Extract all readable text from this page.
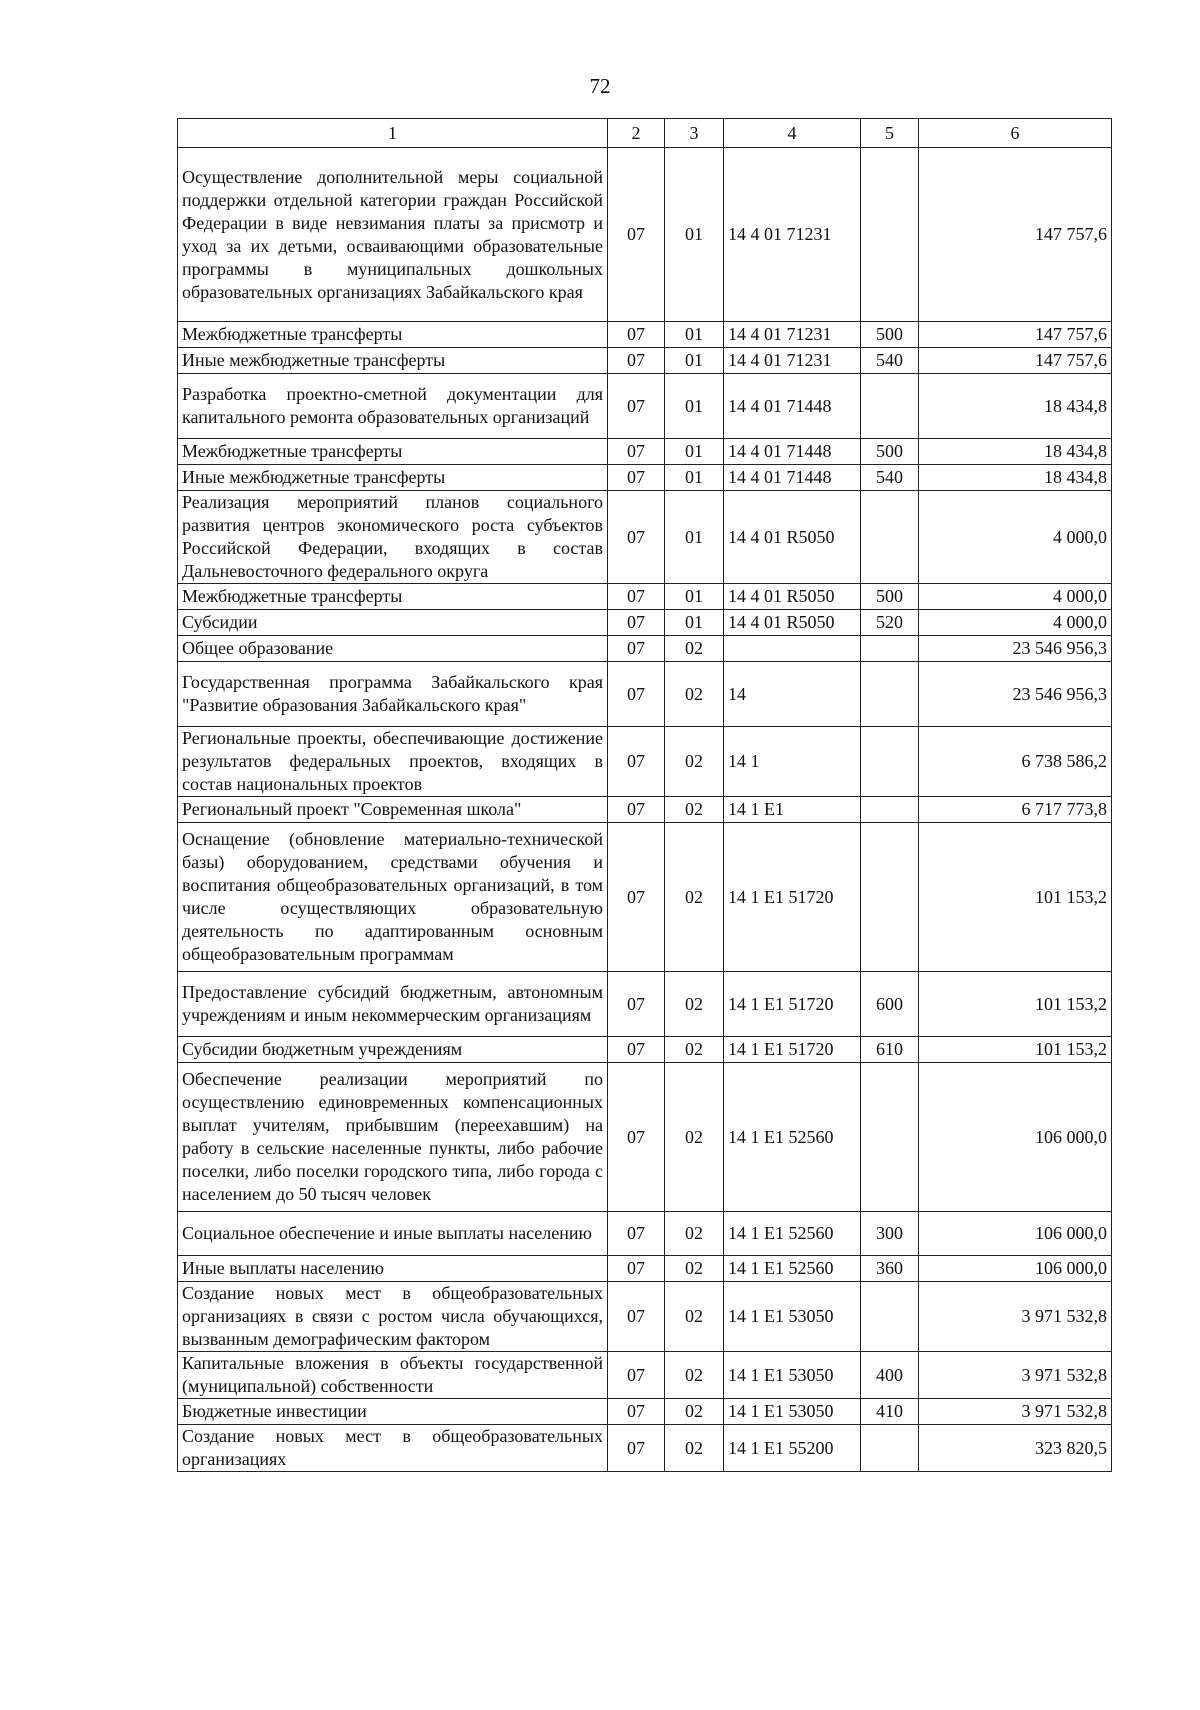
72
1	2	3	4	5	6
Осуществление дополнительной меры социальной поддержки отдельной категории граждан Российской Федерации в виде невзимания платы за присмотр и уход за их детьми, осваивающими образовательные программы в муниципальных дошкольных образовательных организациях Забайкальского края	07	01	14 4 01 71231		147 757,6
Межбюджетные трансферты	07	01	14 4 01 71231	500	147 757,6
Иные межбюджетные трансферты	07	01	14 4 01 71231	540	147 757,6
Разработка проектно-сметной документации для капитального ремонта образовательных организаций	07	01	14 4 01 71448		18 434,8
Межбюджетные трансферты	07	01	14 4 01 71448	500	18 434,8
Иные межбюджетные трансферты	07	01	14 4 01 71448	540	18 434,8
Реализация мероприятий планов социального развития центров экономического роста субъектов Российской Федерации, входящих в состав Дальневосточного федерального округа	07	01	14 4 01 R5050		4 000,0
Межбюджетные трансферты	07	01	14 4 01 R5050	500	4 000,0
Субсидии	07	01	14 4 01 R5050	520	4 000,0
Общее образование	07	02			23 546 956,3
Государственная программа Забайкальского края "Развитие образования Забайкальского края"	07	02	14		23 546 956,3
Региональные проекты, обеспечивающие достижение результатов федеральных проектов, входящих в состав национальных проектов	07	02	14 1		6 738 586,2
Региональный проект "Современная школа"	07	02	14 1 E1		6 717 773,8
Оснащение (обновление материально-технической базы) оборудованием, средствами обучения и воспитания общеобразовательных организаций, в том числе осуществляющих образовательную деятельность по адаптированным основным общеобразовательным программам	07	02	14 1 E1 51720		101 153,2
Предоставление субсидий бюджетным, автономным учреждениям и иным некоммерческим организациям	07	02	14 1 E1 51720	600	101 153,2
Субсидии бюджетным учреждениям	07	02	14 1 E1 51720	610	101 153,2
Обеспечение реализации мероприятий по осуществлению единовременных компенсационных выплат учителям, прибывшим (переехавшим) на работу в сельские населенные пункты, либо рабочие поселки, либо поселки городского типа, либо города с населением до 50 тысяч человек	07	02	14 1 E1 52560		106 000,0
Социальное обеспечение и иные выплаты населению	07	02	14 1 E1 52560	300	106 000,0
Иные выплаты населению	07	02	14 1 E1 52560	360	106 000,0
Создание новых мест в общеобразовательных организациях в связи с ростом числа обучающихся, вызванным демографическим фактором	07	02	14 1 E1 53050		3 971 532,8
Капитальные вложения в объекты государственной (муниципальной) собственности	07	02	14 1 E1 53050	400	3 971 532,8
Бюджетные инвестиции	07	02	14 1 E1 53050	410	3 971 532,8
Создание новых мест в общеобразовательных организациях	07	02	14 1 E1 55200		323 820,5
